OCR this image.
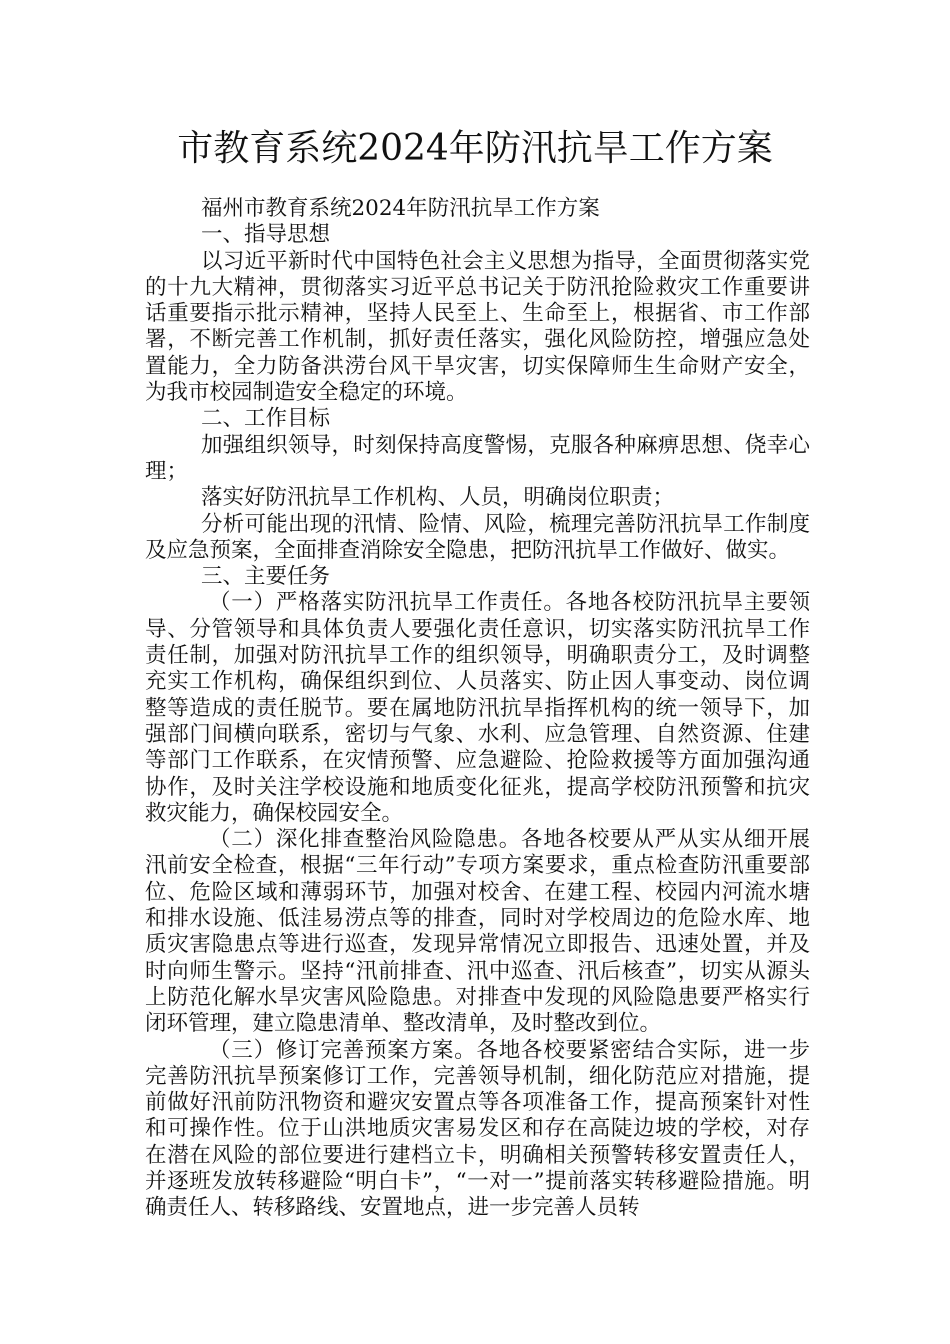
市教育系统2024年防汛抗旱工作方案

福州市教育系统2024年防汛抗旱工作方案

一、指导思想

以习近平新时代中国特色社会主义思想为指导，全面贯彻落实党的十九大精神，贯彻落实习近平总书记关于防汛抢险救灾工作重要讲话重要指示批示精神，坚持人民至上、生命至上，根据省、市工作部署，不断完善工作机制，抓好责任落实，强化风险防控，增强应急处置能力，全力防备洪涝台风干旱灾害，切实保障师生生命财产安全，为我市校园制造安全稳定的环境。

二、工作目标

加强组织领导，时刻保持高度警惕，克服各种麻痹思想、侥幸心理；

落实好防汛抗旱工作机构、人员，明确岗位职责；

分析可能出现的汛情、险情、风险，梳理完善防汛抗旱工作制度及应急预案，全面排查消除安全隐患，把防汛抗旱工作做好、做实。

三、主要任务

（一）严格落实防汛抗旱工作责任。各地各校防汛抗旱主要领导、分管领导和具体负责人要强化责任意识，切实落实防汛抗旱工作责任制，加强对防汛抗旱工作的组织领导，明确职责分工，及时调整充实工作机构，确保组织到位、人员落实、防止因人事变动、岗位调整等造成的责任脱节。要在属地防汛抗旱指挥机构的统一领导下，加强部门间横向联系，密切与气象、水利、应急管理、自然资源、住建等部门工作联系，在灾情预警、应急避险、抢险救援等方面加强沟通协作，及时关注学校设施和地质变化征兆，提高学校防汛预警和抗灾救灾能力，确保校园安全。

（二）深化排查整治风险隐患。各地各校要从严从实从细开展汛前安全检查，根据“三年行动”专项方案要求，重点检查防汛重要部位、危险区域和薄弱环节，加强对校舍、在建工程、校园内河流水塘和排水设施、低洼易涝点等的排查，同时对学校周边的危险水库、地质灾害隐患点等进行巡查，发现异常情况立即报告、迅速处置，并及时向师生警示。坚持“汛前排查、汛中巡查、汛后核查”，切实从源头上防范化解水旱灾害风险隐患。对排查中发现的风险隐患要严格实行闭环管理，建立隐患清单、整改清单，及时整改到位。

（三）修订完善预案方案。各地各校要紧密结合实际，进一步完善防汛抗旱预案修订工作，完善领导机制，细化防范应对措施，提前做好汛前防汛物资和避灾安置点等各项准备工作，提高预案针对性和可操作性。位于山洪地质灾害易发区和存在高陡边坡的学校，对存在潜在风险的部位要进行建档立卡，明确相关预警转移安置责任人，并逐班发放转移避险“明白卡”，“一对一”提前落实转移避险措施。明确责任人、转移路线、安置地点，进一步完善人员转
